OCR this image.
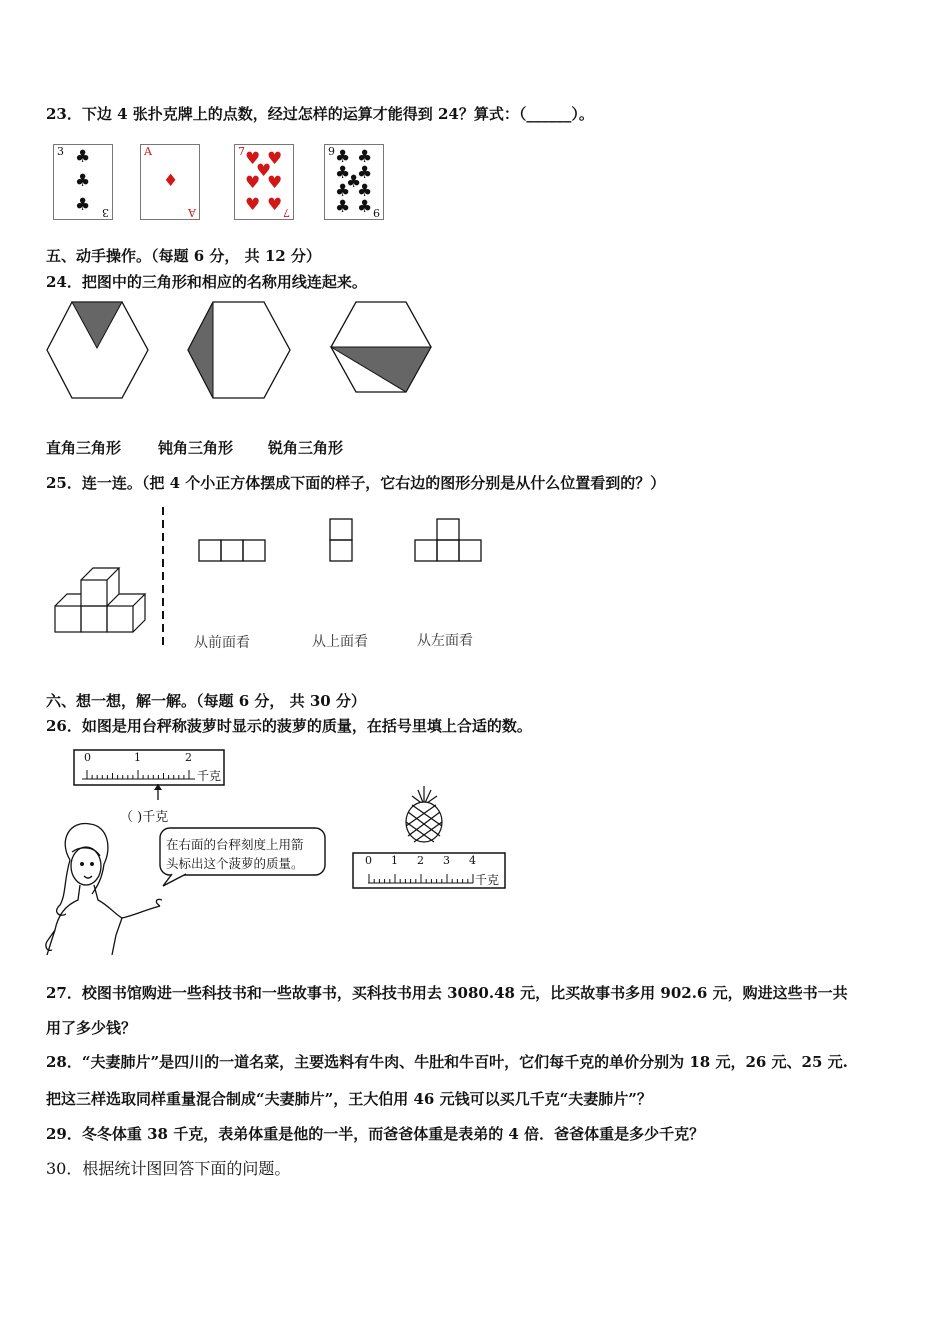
23．下边 4 张扑克牌上的点数，经过怎样的运算才能得到 24？算式：（______）。
3 ♣
♣
♣ 3
A
♦
A
7 ♥ ♥
♥
♥ ♥
♥ ♥ 7
9 ♣ ♣
♣ ♣
♣
♣ ♣
♣ ♣ 9
五、动手操作。（每题 6 分， 共 12 分）
24．把图中的三角形和相应的名称用线连起来。
直角三角形 钝角三角形 锐角三角形
25．连一连。（把 4 个小正方体摆成下面的样子，它右边的图形分别是从什么位置看到的？）
从前面看	从上面看	从左面看
六、想一想，解一解。（每题 6 分， 共 30 分）
26．如图是用台秤称菠萝时显示的菠萝的质量，在括号里填上合适的数。
0	1	2
千克
（ )千克
在右面的台秤刻度上用箭
头标出这个菠萝的质量。	0 1 2 3 4
千克
27．校图书馆购进一些科技书和一些故事书，买科技书用去 3080.48 元，比买故事书多用 902.6 元，购进这些书一共
用了多少钱？
28．“夫妻肺片”是四川的一道名菜，主要选料有牛肉、牛肚和牛百叶，它们每千克的单价分别为 18 元，26 元、25 元.
把这三样选取同样重量混合制成“夫妻肺片”，王大伯用 46 元钱可以买几千克“夫妻肺片”？
29．冬冬体重 38 千克，表弟体重是他的一半，而爸爸体重是表弟的 4 倍．爸爸体重是多少千克？
30．根据统计图回答下面的问题。
